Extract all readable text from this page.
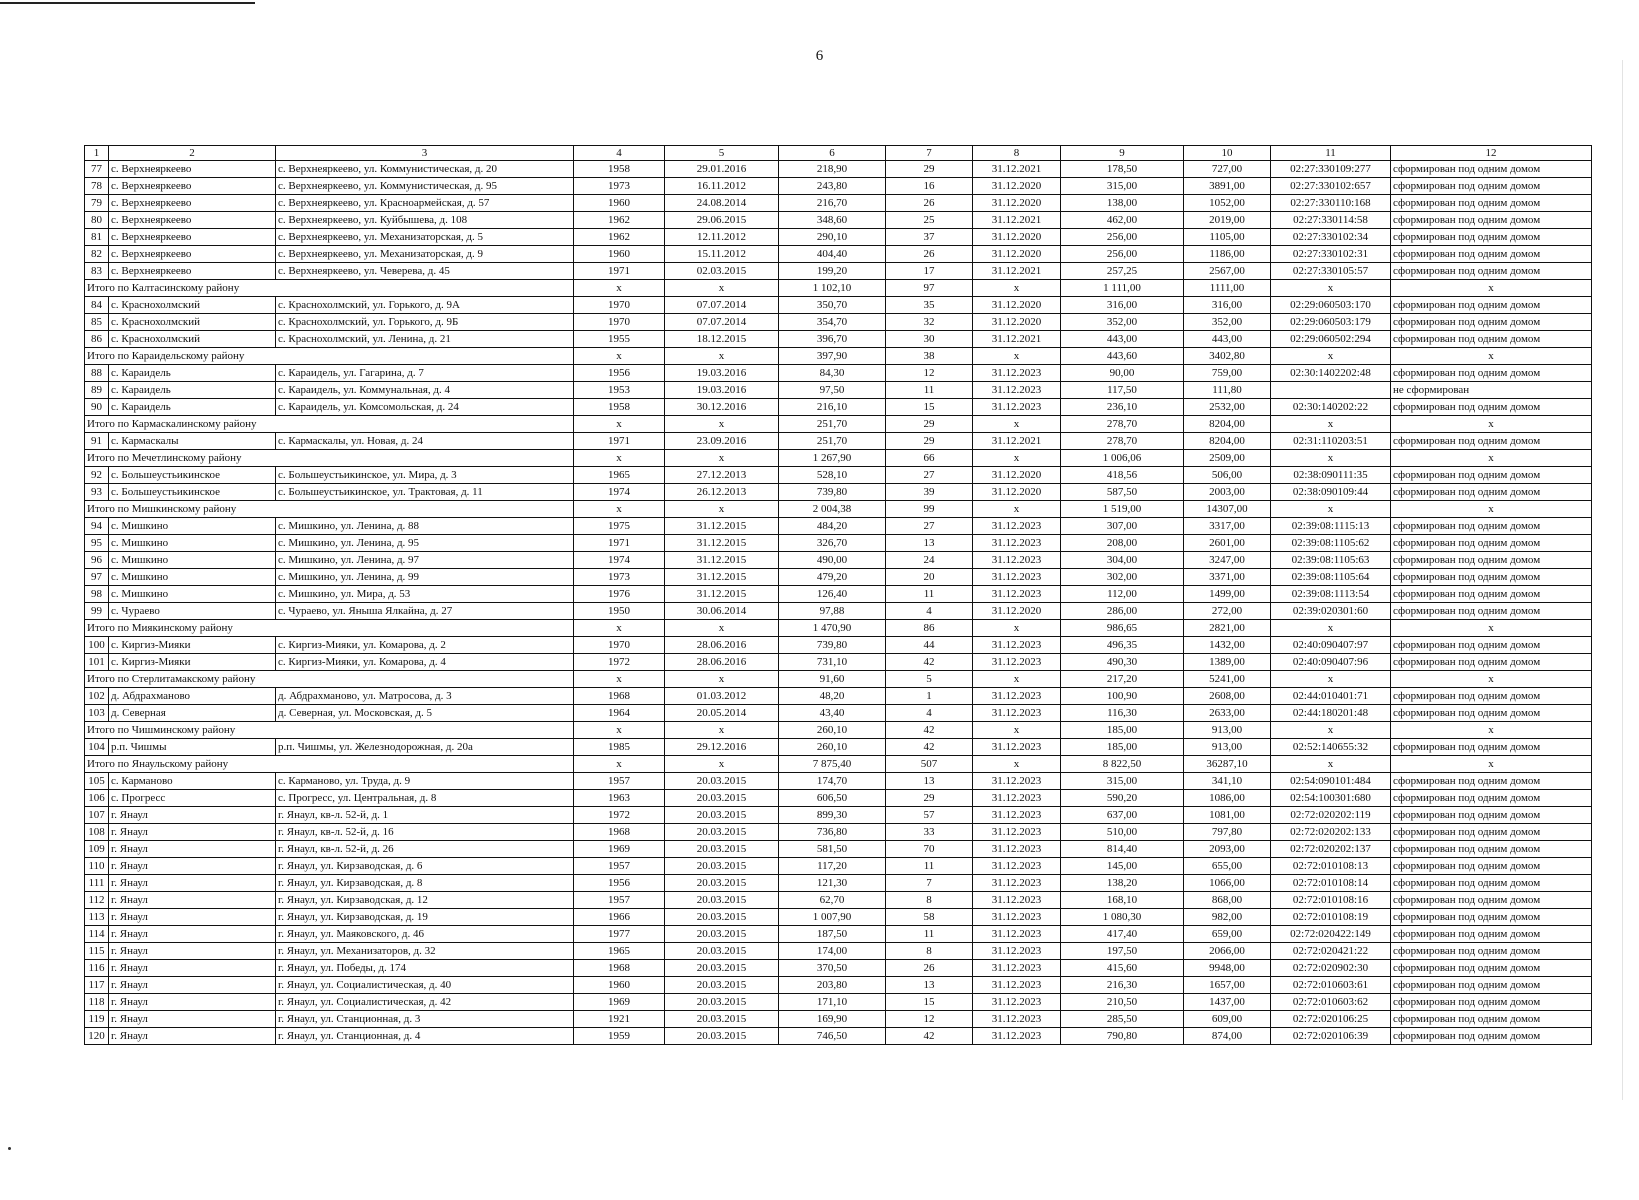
6
1	2	3	4	5	6	7	8	9	10	11	12
77	с. Верхнеяркеево	с. Верхнеяркеево, ул. Коммунистическая, д. 20	1958	29.01.2016	218,90	29	31.12.2021	178,50	727,00	02:27:330109:277	сформирован под одним домом
78	с. Верхнеяркеево	с. Верхнеяркеево, ул. Коммунистическая, д. 95	1973	16.11.2012	243,80	16	31.12.2020	315,00	3891,00	02:27:330102:657	сформирован под одним домом
79	с. Верхнеяркеево	с. Верхнеяркеево, ул. Красноармейская, д. 57	1960	24.08.2014	216,70	26	31.12.2020	138,00	1052,00	02:27:330110:168	сформирован под одним домом
80	с. Верхнеяркеево	с. Верхнеяркеево, ул. Куйбышева, д. 108	1962	29.06.2015	348,60	25	31.12.2021	462,00	2019,00	02:27:330114:58	сформирован под одним домом
81	с. Верхнеяркеево	с. Верхнеяркеево, ул. Механизаторская, д. 5	1962	12.11.2012	290,10	37	31.12.2020	256,00	1105,00	02:27:330102:34	сформирован под одним домом
82	с. Верхнеяркеево	с. Верхнеяркеево, ул. Механизаторская, д. 9	1960	15.11.2012	404,40	26	31.12.2020	256,00	1186,00	02:27:330102:31	сформирован под одним домом
83	с. Верхнеяркеево	с. Верхнеяркеево, ул. Чеверева, д. 45	1971	02.03.2015	199,20	17	31.12.2021	257,25	2567,00	02:27:330105:57	сформирован под одним домом
Итого по Калтасинскому району			x	x	1 102,10	97	x	1 111,00	1111,00	x	x
84	с. Краснохолмский	с. Краснохолмский, ул. Горького, д. 9А	1970	07.07.2014	350,70	35	31.12.2020	316,00	316,00	02:29:060503:170	сформирован под одним домом
85	с. Краснохолмский	с. Краснохолмский, ул. Горького, д. 9Б	1970	07.07.2014	354,70	32	31.12.2020	352,00	352,00	02:29:060503:179	сформирован под одним домом
86	с. Краснохолмский	с. Краснохолмский, ул. Ленина, д. 21	1955	18.12.2015	396,70	30	31.12.2021	443,00	443,00	02:29:060502:294	сформирован под одним домом
Итого по Караидельскому району			x	x	397,90	38	x	443,60	3402,80	x	x
88	с. Караидель	с. Караидель, ул. Гагарина, д. 7	1956	19.03.2016	84,30	12	31.12.2023	90,00	759,00	02:30:1402202:48	сформирован под одним домом
89	с. Караидель	с. Караидель, ул. Коммунальная, д. 4	1953	19.03.2016	97,50	11	31.12.2023	117,50	111,80		не сформирован
90	с. Караидель	с. Караидель, ул. Комсомольская, д. 24	1958	30.12.2016	216,10	15	31.12.2023	236,10	2532,00	02:30:140202:22	сформирован под одним домом
Итого по Кармаскалинскому району			x	x	251,70	29	x	278,70	8204,00	x	x
91	с. Кармаскалы	с. Кармаскалы, ул. Новая, д. 24	1971	23.09.2016	251,70	29	31.12.2021	278,70	8204,00	02:31:110203:51	сформирован под одним домом
Итого по Мечетлинскому району			x	x	1 267,90	66	x	1 006,06	2509,00	x	x
92	с. Большеустьикинское	с. Большеустьикинское, ул. Мира, д. 3	1965	27.12.2013	528,10	27	31.12.2020	418,56	506,00	02:38:090111:35	сформирован под одним домом
93	с. Большеустьикинское	с. Большеустьикинское, ул. Трактовая, д. 11	1974	26.12.2013	739,80	39	31.12.2020	587,50	2003,00	02:38:090109:44	сформирован под одним домом
Итого по Мишкинскому району			x	x	2 004,38	99	x	1 519,00	14307,00	x	x
94	с. Мишкино	с. Мишкино, ул. Ленина, д. 88	1975	31.12.2015	484,20	27	31.12.2023	307,00	3317,00	02:39:08:1115:13	сформирован под одним домом
95	с. Мишкино	с. Мишкино, ул. Ленина, д. 95	1971	31.12.2015	326,70	13	31.12.2023	208,00	2601,00	02:39:08:1105:62	сформирован под одним домом
96	с. Мишкино	с. Мишкино, ул. Ленина, д. 97	1974	31.12.2015	490,00	24	31.12.2023	304,00	3247,00	02:39:08:1105:63	сформирован под одним домом
97	с. Мишкино	с. Мишкино, ул. Ленина, д. 99	1973	31.12.2015	479,20	20	31.12.2023	302,00	3371,00	02:39:08:1105:64	сформирован под одним домом
98	с. Мишкино	с. Мишкино, ул. Мира, д. 53	1976	31.12.2015	126,40	11	31.12.2023	112,00	1499,00	02:39:08:1113:54	сформирован под одним домом
99	с. Чураево	с. Чураево, ул. Яныша Ялкайна, д. 27	1950	30.06.2014	97,88	4	31.12.2020	286,00	272,00	02:39:020301:60	сформирован под одним домом
Итого по Миякинскому району			x	x	1 470,90	86	x	986,65	2821,00	x	x
100	с. Киргиз-Мияки	с. Киргиз-Мияки, ул. Комарова, д. 2	1970	28.06.2016	739,80	44	31.12.2023	496,35	1432,00	02:40:090407:97	сформирован под одним домом
101	с. Киргиз-Мияки	с. Киргиз-Мияки, ул. Комарова, д. 4	1972	28.06.2016	731,10	42	31.12.2023	490,30	1389,00	02:40:090407:96	сформирован под одним домом
Итого по Стерлитамакскому району			x	x	91,60	5	x	217,20	5241,00	x	x
102	д. Абдрахманово	д. Абдрахманово, ул. Матросова, д. 3	1968	01.03.2012	48,20	1	31.12.2023	100,90	2608,00	02:44:010401:71	сформирован под одним домом
103	д. Северная	д. Северная, ул. Московская, д. 5	1964	20.05.2014	43,40	4	31.12.2023	116,30	2633,00	02:44:180201:48	сформирован под одним домом
Итого по Чишминскому району			x	x	260,10	42	x	185,00	913,00	x	x
104	р.п. Чишмы	р.п. Чишмы, ул. Железнодорожная, д. 20а	1985	29.12.2016	260,10	42	31.12.2023	185,00	913,00	02:52:140655:32	сформирован под одним домом
Итого по Янаульскому району			x	x	7 875,40	507	x	8 822,50	36287,10	x	x
105	с. Карманово	с. Карманово, ул. Труда, д. 9	1957	20.03.2015	174,70	13	31.12.2023	315,00	341,10	02:54:090101:484	сформирован под одним домом
106	с. Прогресс	с. Прогресс, ул. Центральная, д. 8	1963	20.03.2015	606,50	29	31.12.2023	590,20	1086,00	02:54:100301:680	сформирован под одним домом
107	г. Янаул	г. Янаул, кв-л. 52-й, д. 1	1972	20.03.2015	899,30	57	31.12.2023	637,00	1081,00	02:72:020202:119	сформирован под одним домом
108	г. Янаул	г. Янаул, кв-л. 52-й, д. 16	1968	20.03.2015	736,80	33	31.12.2023	510,00	797,80	02:72:020202:133	сформирован под одним домом
109	г. Янаул	г. Янаул, кв-л. 52-й, д. 26	1969	20.03.2015	581,50	70	31.12.2023	814,40	2093,00	02:72:020202:137	сформирован под одним домом
110	г. Янаул	г. Янаул, ул. Кирзаводская, д. 6	1957	20.03.2015	117,20	11	31.12.2023	145,00	655,00	02:72:010108:13	сформирован под одним домом
111	г. Янаул	г. Янаул, ул. Кирзаводская, д. 8	1956	20.03.2015	121,30	7	31.12.2023	138,20	1066,00	02:72:010108:14	сформирован под одним домом
112	г. Янаул	г. Янаул, ул. Кирзаводская, д. 12	1957	20.03.2015	62,70	8	31.12.2023	168,10	868,00	02:72:010108:16	сформирован под одним домом
113	г. Янаул	г. Янаул, ул. Кирзаводская, д. 19	1966	20.03.2015	1 007,90	58	31.12.2023	1 080,30	982,00	02:72:010108:19	сформирован под одним домом
114	г. Янаул	г. Янаул, ул. Маяковского, д. 46	1977	20.03.2015	187,50	11	31.12.2023	417,40	659,00	02:72:020422:149	сформирован под одним домом
115	г. Янаул	г. Янаул, ул. Механизаторов, д. 32	1965	20.03.2015	174,00	8	31.12.2023	197,50	2066,00	02:72:020421:22	сформирован под одним домом
116	г. Янаул	г. Янаул, ул. Победы, д. 174	1968	20.03.2015	370,50	26	31.12.2023	415,60	9948,00	02:72:020902:30	сформирован под одним домом
117	г. Янаул	г. Янаул, ул. Социалистическая, д. 40	1960	20.03.2015	203,80	13	31.12.2023	216,30	1657,00	02:72:010603:61	сформирован под одним домом
118	г. Янаул	г. Янаул, ул. Социалистическая, д. 42	1969	20.03.2015	171,10	15	31.12.2023	210,50	1437,00	02:72:010603:62	сформирован под одним домом
119	г. Янаул	г. Янаул, ул. Станционная, д. 3	1921	20.03.2015	169,90	12	31.12.2023	285,50	609,00	02:72:020106:25	сформирован под одним домом
120	г. Янаул	г. Янаул, ул. Станционная, д. 4	1959	20.03.2015	746,50	42	31.12.2023	790,80	874,00	02:72:020106:39	сформирован под одним домом
